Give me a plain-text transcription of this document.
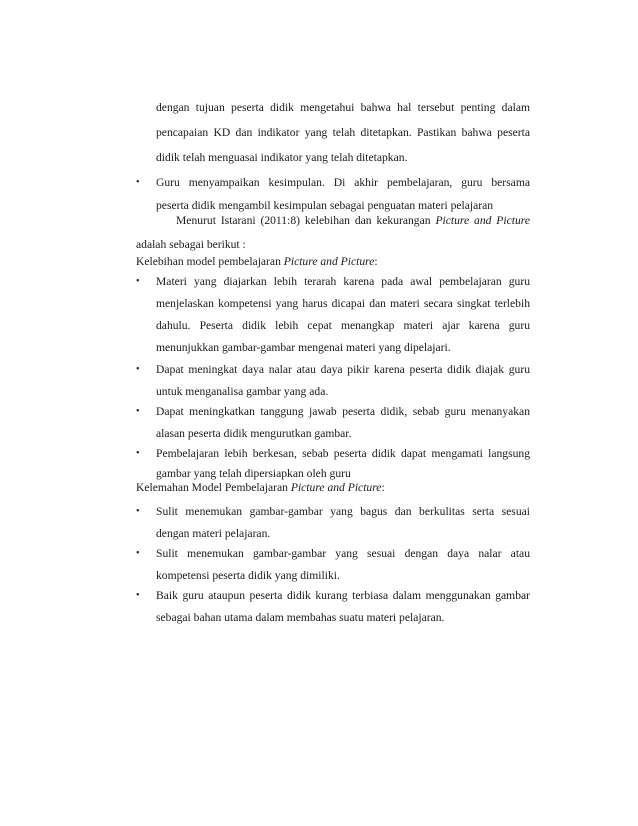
dengan tujuan peserta didik mengetahui bahwa hal tersebut penting dalam
pencapaian KD dan indikator yang telah ditetapkan. Pastikan bahwa peserta
didik telah menguasai indikator yang telah ditetapkan.
• Guru menyampaikan kesimpulan. Di akhir pembelajaran, guru bersama
peserta didik mengambil kesimpulan sebagai penguatan materi pelajaran
Menurut Istarani (2011:8) kelebihan dan kekurangan Picture and Picture
adalah sebagai berikut :
Kelebihan model pembelajaran Picture and Picture:
• Materi yang diajarkan lebih terarah karena pada awal pembelajaran guru
menjelaskan kompetensi yang harus dicapai dan materi secara singkat terlebih
dahulu. Peserta didik lebih cepat menangkap materi ajar karena guru
menunjukkan gambar-gambar mengenai materi yang dipelajari.
• Dapat meningkat daya nalar atau daya pikir karena peserta didik diajak guru
untuk menganalisa gambar yang ada.
• Dapat meningkatkan tanggung jawab peserta didik, sebab guru menanyakan
alasan peserta didik mengurutkan gambar.
• Pembelajaran lebih berkesan, sebab peserta didik dapat mengamati langsung
gambar yang telah dipersiapkan oleh guru
Kelemahan Model Pembelajaran Picture and Picture:
• Sulit menemukan gambar-gambar yang bagus dan berkulitas serta sesuai
dengan materi pelajaran.
• Sulit menemukan gambar-gambar yang sesuai dengan daya nalar atau
kompetensi peserta didik yang dimiliki.
• Baik guru ataupun peserta didik kurang terbiasa dalam menggunakan gambar
sebagai bahan utama dalam membahas suatu materi pelajaran.
